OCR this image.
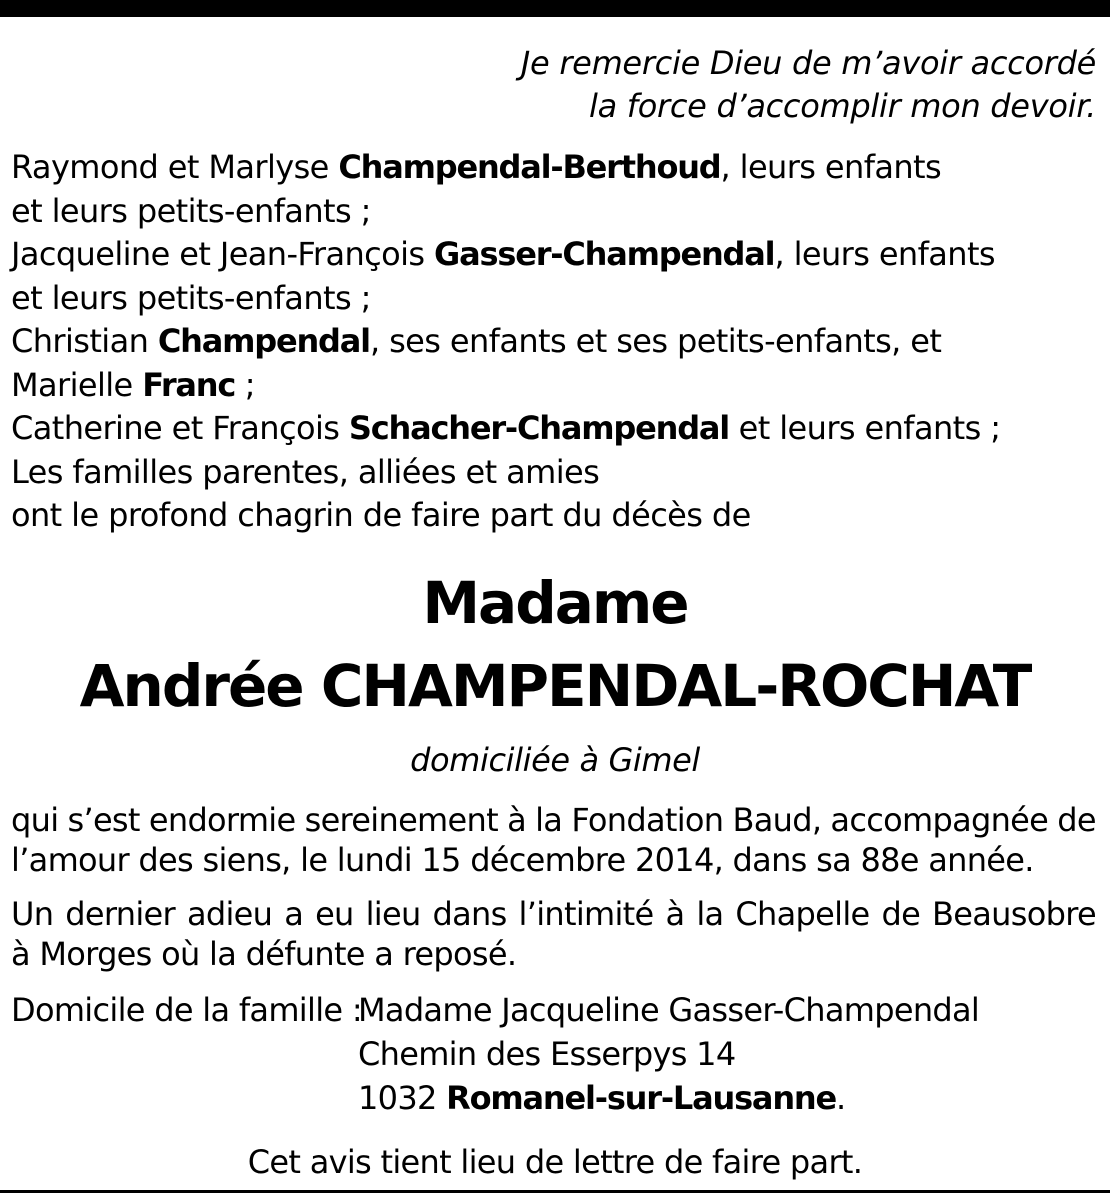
Je remercie Dieu de m’avoir accordé
la force d’accomplir mon devoir.
Raymond et Marlyse Champendal-Berthoud, leurs enfants
et leurs petits-enfants ;
Jacqueline et Jean-François Gasser-Champendal, leurs enfants
et leurs petits-enfants ;
Christian Champendal, ses enfants et ses petits-enfants, et
Marielle Franc ;
Catherine et François Schacher-Champendal et leurs enfants ;
Les familles parentes, alliées et amies
ont le profond chagrin de faire part du décès de
Madame
Andrée CHAMPENDAL-ROCHAT
domiciliée à Gimel
qui s’est endormie sereinement à la Fondation Baud, accompagnée de
l’amour des siens, le lundi 15 décembre 2014, dans sa 88e année.
Un dernier adieu a eu lieu dans l’intimité à la Chapelle de Beausobre
à Morges où la défunte a reposé.
Domicile de la famille :
Madame Jacqueline Gasser-Champendal
Chemin des Esserpys 14
1032 Romanel-sur-Lausanne.
Cet avis tient lieu de lettre de faire part.
